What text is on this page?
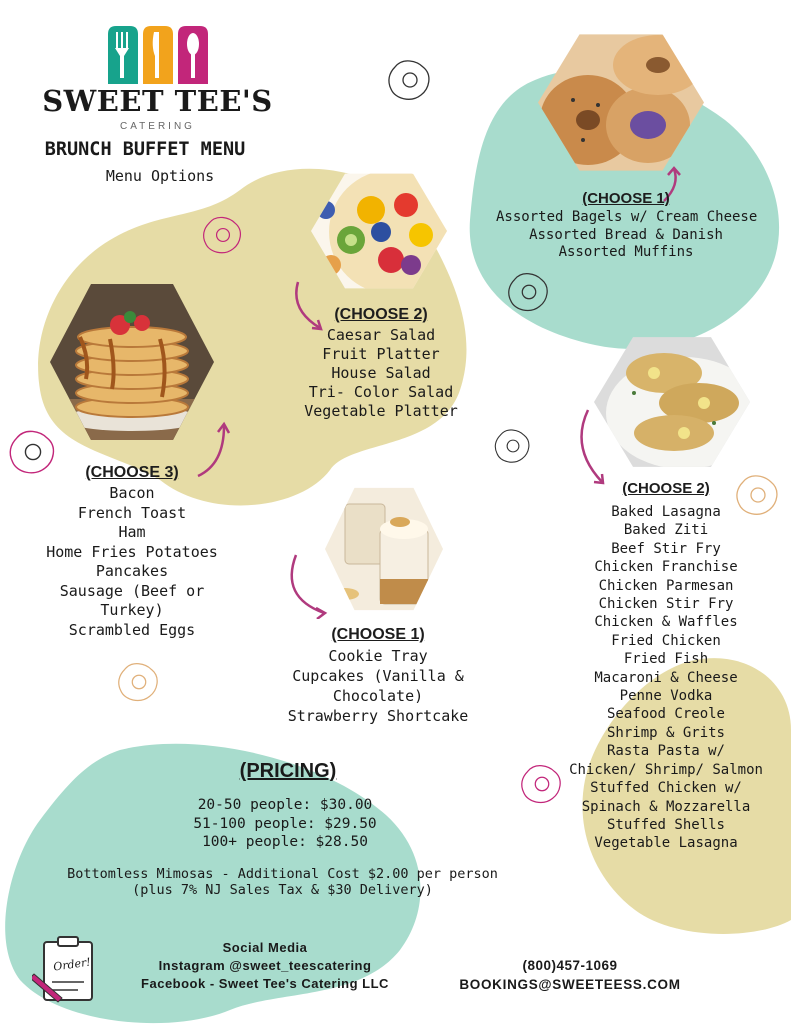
SWEET TEE'S
CATERING
BRUNCH BUFFET MENU
Menu Options
(CHOOSE 1)
Assorted Bagels w/ Cream Cheese
Assorted Bread & Danish
Assorted Muffins
(CHOOSE 2)
Caesar Salad
Fruit Platter
House Salad
Tri- Color Salad
Vegetable Platter
(CHOOSE 3)
Bacon
French Toast
Ham
Home Fries Potatoes
Pancakes
Sausage (Beef or
Turkey)
Scrambled Eggs	(CHOOSE 1)
Cookie Tray
Cupcakes (Vanilla &
Chocolate)
Strawberry Shortcake
(CHOOSE 2)
Baked Lasagna
Baked Ziti
Beef Stir Fry
Chicken Franchise
Chicken Parmesan
Chicken Stir Fry
Chicken & Waffles
Fried Chicken
Fried Fish
Macaroni & Cheese
Penne Vodka
Seafood Creole
Shrimp & Grits
Rasta Pasta w/
Chicken/ Shrimp/ Salmon
Stuffed Chicken w/
Spinach & Mozzarella
Stuffed Shells
Vegetable Lasagna
(PRICING)
20-50 people: $30.00
51-100 people: $29.50
100+ people: $28.50
Bottomless Mimosas - Additional Cost $2.00 per person
(plus 7% NJ Sales Tax & $30 Delivery)
Order!
Social Media
Instagram @sweet_teescatering
Facebook - Sweet Tee's Catering LLC
(800)457-1069
BOOKINGS@SWEETEESS.COM
